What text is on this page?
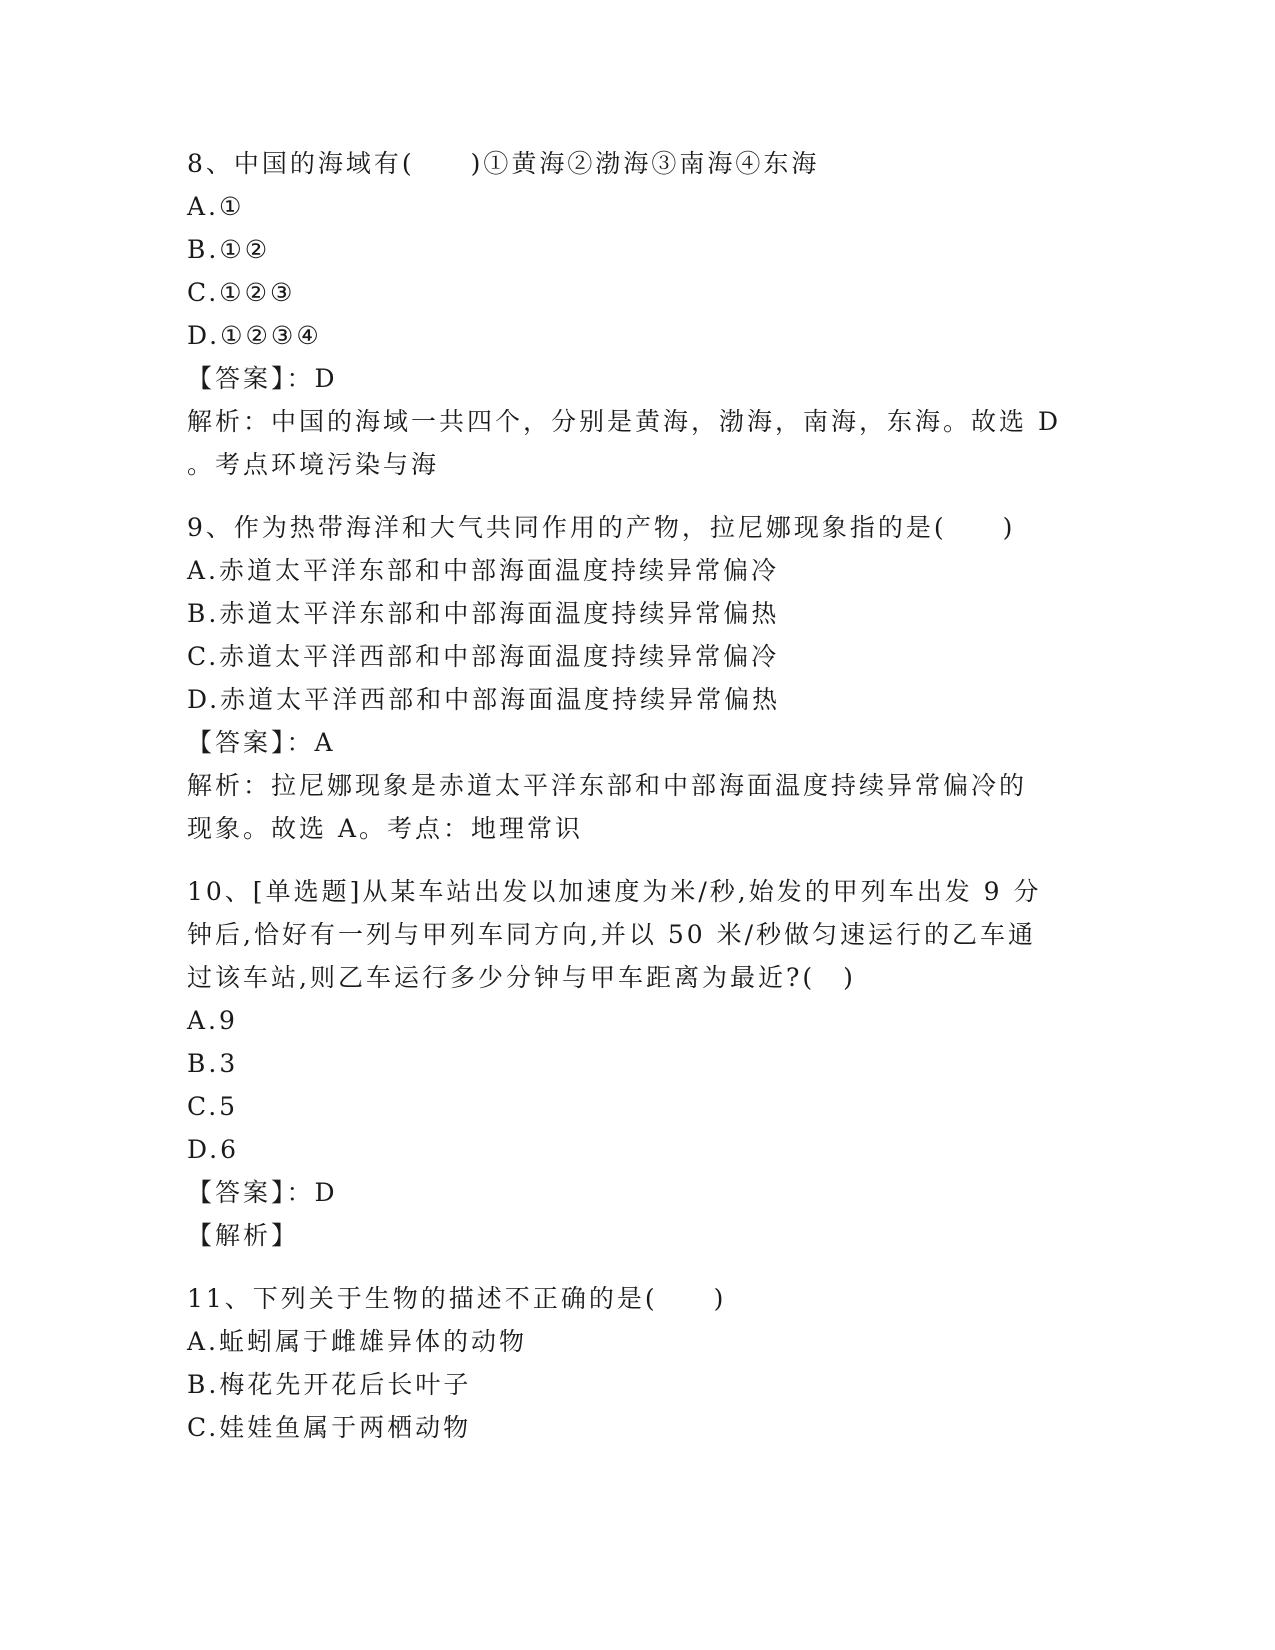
8、中国的海域有(　　)①黄海②渤海③南海④东海
A.①
B.①②
C.①②③
D.①②③④
【答案】：D
解析：中国的海域一共四个，分别是黄海，渤海，南海，东海。故选 D
。考点环境污染与海
9、作为热带海洋和大气共同作用的产物，拉尼娜现象指的是(　　)
A.赤道太平洋东部和中部海面温度持续异常偏冷
B.赤道太平洋东部和中部海面温度持续异常偏热
C.赤道太平洋西部和中部海面温度持续异常偏冷
D.赤道太平洋西部和中部海面温度持续异常偏热
【答案】：A
解析：拉尼娜现象是赤道太平洋东部和中部海面温度持续异常偏冷的
现象。故选 A。考点：地理常识
10、[单选题]从某车站出发以加速度为米/秒,始发的甲列车出发 9 分
钟后,恰好有一列与甲列车同方向,并以 50 米/秒做匀速运行的乙车通
过该车站,则乙车运行多少分钟与甲车距离为最近?(　)
A.9
B.3
C.5
D.6
【答案】：D
【解析】
11、下列关于生物的描述不正确的是(　　)
A.蚯蚓属于雌雄异体的动物
B.梅花先开花后长叶子
C.娃娃鱼属于两栖动物
